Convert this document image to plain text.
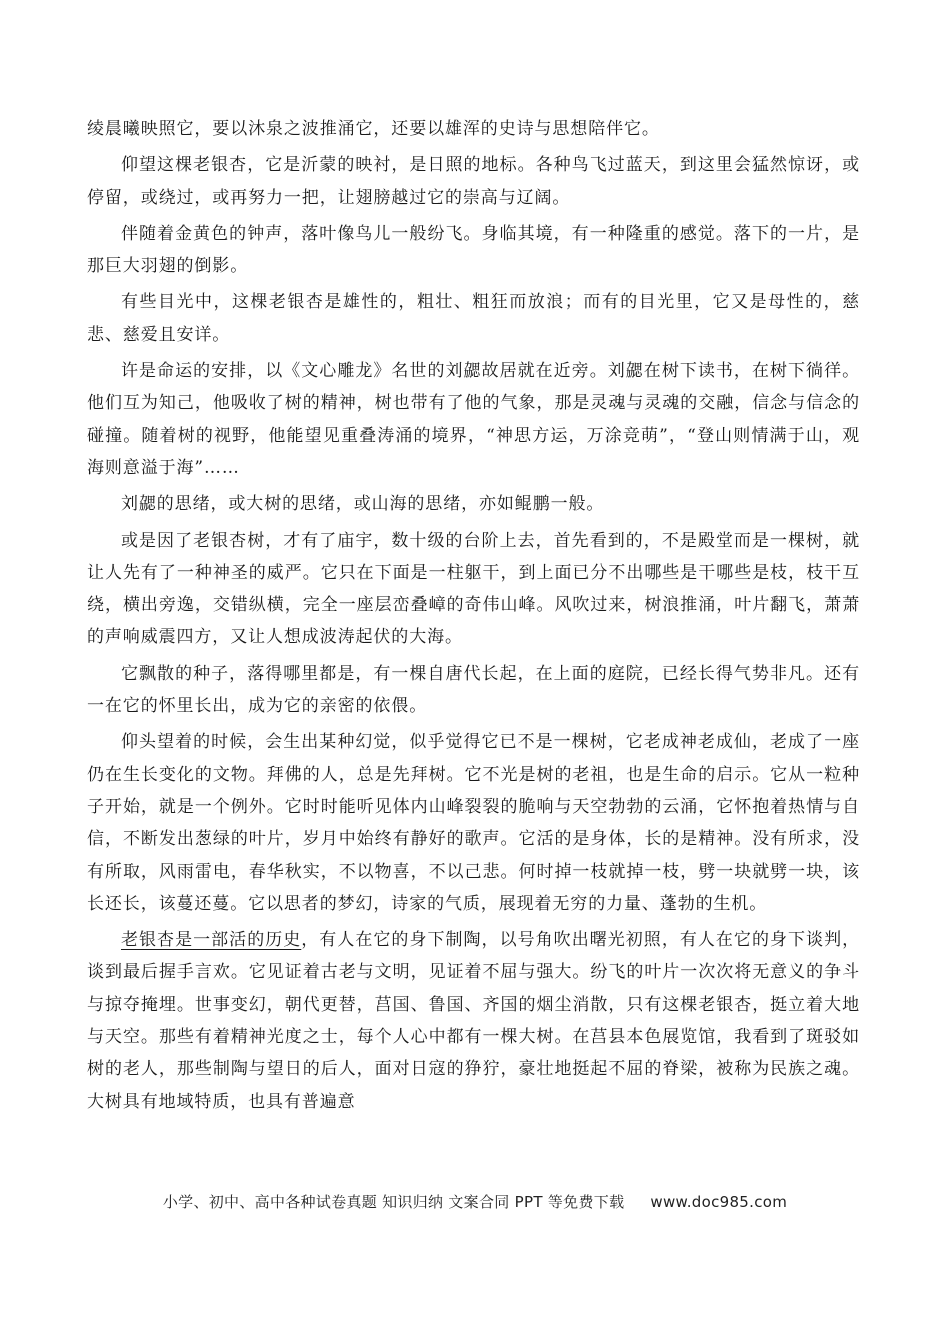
绫晨曦映照它，要以沐泉之波推涌它，还要以雄浑的史诗与思想陪伴它。

仰望这棵老银杏，它是沂蒙的映衬，是日照的地标。各种鸟飞过蓝天，到这里会猛然惊讶，或停留，或绕过，或再努力一把，让翅膀越过它的崇高与辽阔。

伴随着金黄色的钟声，落叶像鸟儿一般纷飞。身临其境，有一种隆重的感觉。落下的一片，是那巨大羽翅的倒影。

有些目光中，这棵老银杏是雄性的，粗壮、粗狂而放浪；而有的目光里，它又是母性的，慈悲、慈爱且安详。

许是命运的安排，以《文心雕龙》名世的刘勰故居就在近旁。刘勰在树下读书，在树下徜徉。他们互为知己，他吸收了树的精神，树也带有了他的气象，那是灵魂与灵魂的交融，信念与信念的碰撞。随着树的视野，他能望见重叠涛涌的境界，“神思方运，万涂竞萌”，“登山则情满于山，观海则意溢于海”……

刘勰的思绪，或大树的思绪，或山海的思绪，亦如鲲鹏一般。

或是因了老银杏树，才有了庙宇，数十级的台阶上去，首先看到的，不是殿堂而是一棵树，就让人先有了一种神圣的威严。它只在下面是一柱躯干，到上面已分不出哪些是干哪些是枝，枝干互绕，横出旁逸，交错纵横，完全一座层峦叠嶂的奇伟山峰。风吹过来，树浪推涌，叶片翻飞，萧萧的声响威震四方，又让人想成波涛起伏的大海。

它飘散的种子，落得哪里都是，有一棵自唐代长起，在上面的庭院，已经长得气势非凡。还有一在它的怀里长出，成为它的亲密的依偎。

仰头望着的时候，会生出某种幻觉，似乎觉得它已不是一棵树，它老成神老成仙，老成了一座仍在生长变化的文物。拜佛的人，总是先拜树。它不光是树的老祖，也是生命的启示。它从一粒种子开始，就是一个例外。它时时能听见体内山峰裂裂的脆响与天空勃勃的云涌，它怀抱着热情与自信，不断发出葱绿的叶片，岁月中始终有静好的歌声。它活的是身体，长的是精神。没有所求，没有所取，风雨雷电，春华秋实，不以物喜，不以己悲。何时掉一枝就掉一枝，劈一块就劈一块，该长还长，该蔓还蔓。它以思者的梦幻，诗家的气质，展现着无穷的力量、蓬勃的生机。

老银杏是一部活的历史，有人在它的身下制陶，以号角吹出曙光初照，有人在它的身下谈判，谈到最后握手言欢。它见证着古老与文明，见证着不屈与强大。纷飞的叶片一次次将无意义的争斗与掠夺掩埋。世事变幻，朝代更替，莒国、鲁国、齐国的烟尘消散，只有这棵老银杏，挺立着大地与天空。那些有着精神光度之士，每个人心中都有一棵大树。在莒县本色展览馆，我看到了斑驳如树的老人，那些制陶与望日的后人，面对日寇的狰狞，豪壮地挺起不屈的脊梁，被称为民族之魂。大树具有地域特质，也具有普遍意

小学、初中、高中各种试卷真题 知识归纳 文案合同 PPT 等免费下载 www.doc985.com
